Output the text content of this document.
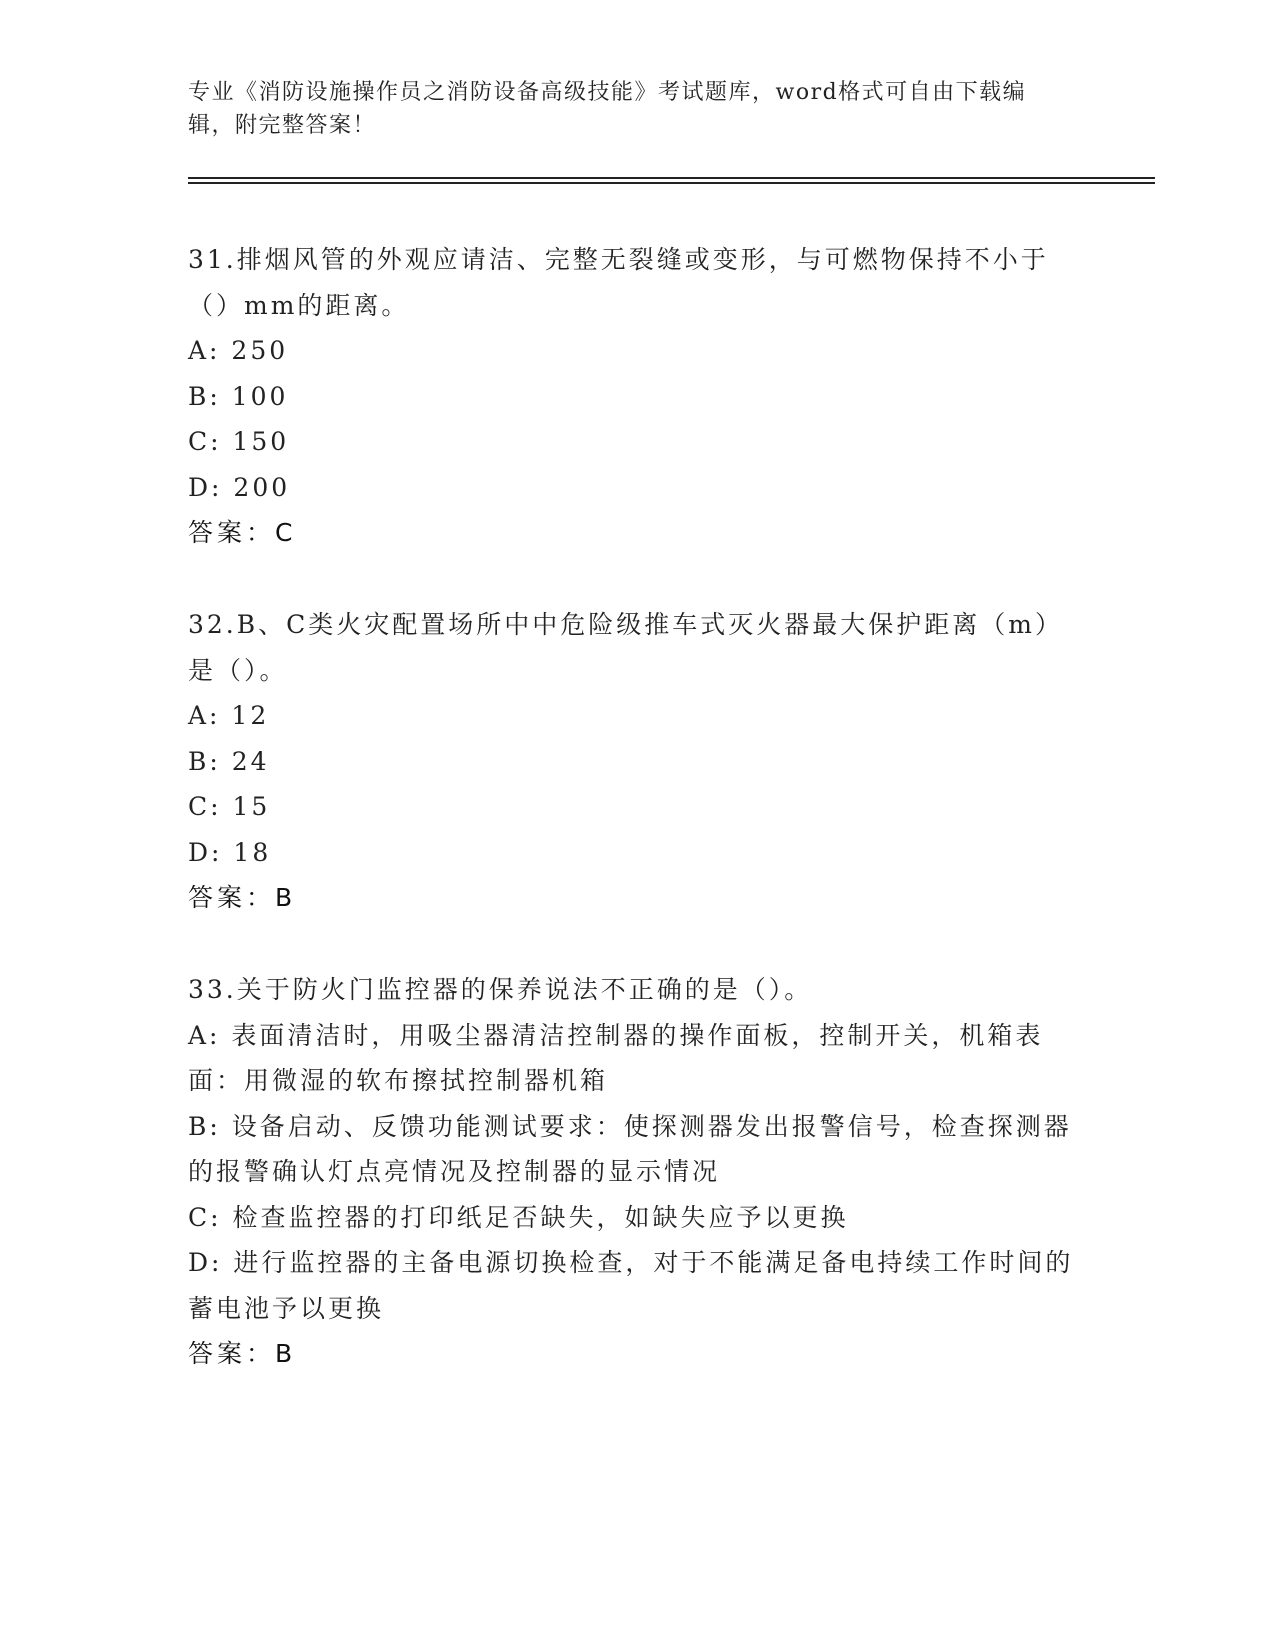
专业《消防设施操作员之消防设备高级技能》考试题库，word格式可自由下载编辑，附完整答案！

31.排烟风管的外观应请洁、完整无裂缝或变形，与可燃物保持不小于（）mm的距离。

A: 250

B: 100

C: 150

D: 200

答案：C

32.B、C类火灾配置场所中中危险级推车式灭火器最大保护距离（m）是（）。

A: 12

B: 24

C: 15

D: 18

答案：B

33.关于防火门监控器的保养说法不正确的是（）。

A: 表面清洁时，用吸尘器清洁控制器的操作面板，控制开关，机箱表面：用微湿的软布擦拭控制器机箱

B: 设备启动、反馈功能测试要求：使探测器发出报警信号，检查探测器的报警确认灯点亮情况及控制器的显示情况

C: 检查监控器的打印纸足否缺失，如缺失应予以更换

D: 进行监控器的主备电源切换检查，对于不能满足备电持续工作时间的蓄电池予以更换

答案：B
